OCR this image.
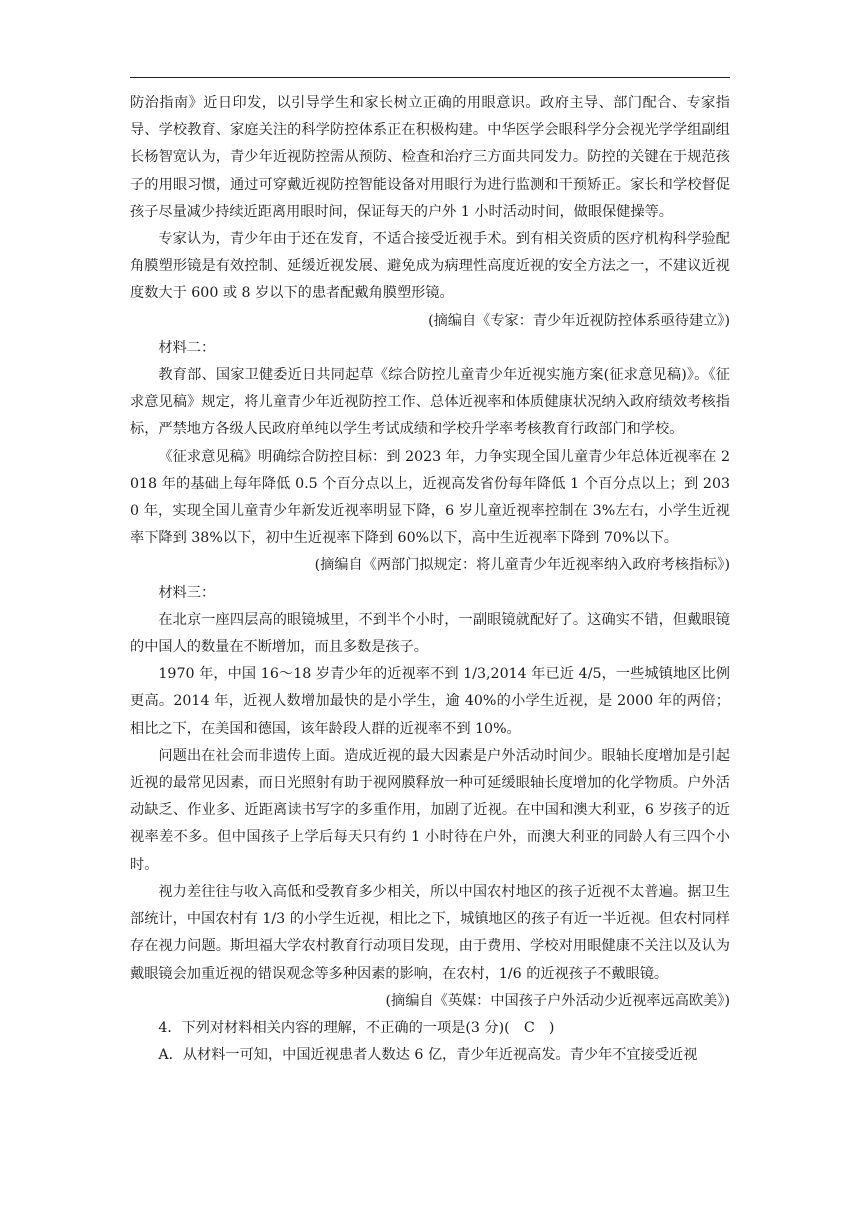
防治指南》近日印发，以引导学生和家长树立正确的用眼意识。政府主导、部门配合、专家指导、学校教育、家庭关注的科学防控体系正在积极构建。中华医学会眼科学分会视光学学组副组长杨智宽认为，青少年近视防控需从预防、检查和治疗三方面共同发力。防控的关键在于规范孩子的用眼习惯，通过可穿戴近视防控智能设备对用眼行为进行监测和干预矫正。家长和学校督促孩子尽量减少持续近距离用眼时间，保证每天的户外 1 小时活动时间，做眼保健操等。

专家认为，青少年由于还在发育，不适合接受近视手术。到有相关资质的医疗机构科学验配角膜塑形镜是有效控制、延缓近视发展、避免成为病理性高度近视的安全方法之一，不建议近视度数大于 600 或 8 岁以下的患者配戴角膜塑形镜。

(摘编自《专家：青少年近视防控体系亟待建立》)

材料二：

教育部、国家卫健委近日共同起草《综合防控儿童青少年近视实施方案(征求意见稿)》。《征求意见稿》规定，将儿童青少年近视防控工作、总体近视率和体质健康状况纳入政府绩效考核指标，严禁地方各级人民政府单纯以学生考试成绩和学校升学率考核教育行政部门和学校。

《征求意见稿》明确综合防控目标：到 2023 年，力争实现全国儿童青少年总体近视率在 2018 年的基础上每年降低 0.5 个百分点以上，近视高发省份每年降低 1 个百分点以上；到 2030 年，实现全国儿童青少年新发近视率明显下降，6 岁儿童近视率控制在 3%左右，小学生近视率下降到 38%以下，初中生近视率下降到 60%以下，高中生近视率下降到 70%以下。

(摘编自《两部门拟规定：将儿童青少年近视率纳入政府考核指标》)

材料三：

在北京一座四层高的眼镜城里，不到半个小时，一副眼镜就配好了。这确实不错，但戴眼镜的中国人的数量在不断增加，而且多数是孩子。

1970 年，中国 16～18 岁青少年的近视率不到 1/3,2014 年已近 4/5，一些城镇地区比例更高。2014 年，近视人数增加最快的是小学生，逾 40%的小学生近视，是 2000 年的两倍；相比之下，在美国和德国，该年龄段人群的近视率不到 10%。

问题出在社会而非遗传上面。造成近视的最大因素是户外活动时间少。眼轴长度增加是引起近视的最常见因素，而日光照射有助于视网膜释放一种可延缓眼轴长度增加的化学物质。户外活动缺乏、作业多、近距离读书写字的多重作用，加剧了近视。在中国和澳大利亚，6 岁孩子的近视率差不多。但中国孩子上学后每天只有约 1 小时待在户外，而澳大利亚的同龄人有三四个小时。

视力差往往与收入高低和受教育多少相关，所以中国农村地区的孩子近视不太普遍。据卫生部统计，中国农村有 1/3 的小学生近视，相比之下，城镇地区的孩子有近一半近视。但农村同样存在视力问题。斯坦福大学农村教育行动项目发现，由于费用、学校对用眼健康不关注以及认为戴眼镜会加重近视的错误观念等多种因素的影响，在农村，1/6 的近视孩子不戴眼镜。

(摘编自《英媒：中国孩子户外活动少近视率远高欧美》)

4．下列对材料相关内容的理解，不正确的一项是(3 分)(　C　)

A．从材料一可知，中国近视患者人数达 6 亿，青少年近视高发。青少年不宜接受近视
